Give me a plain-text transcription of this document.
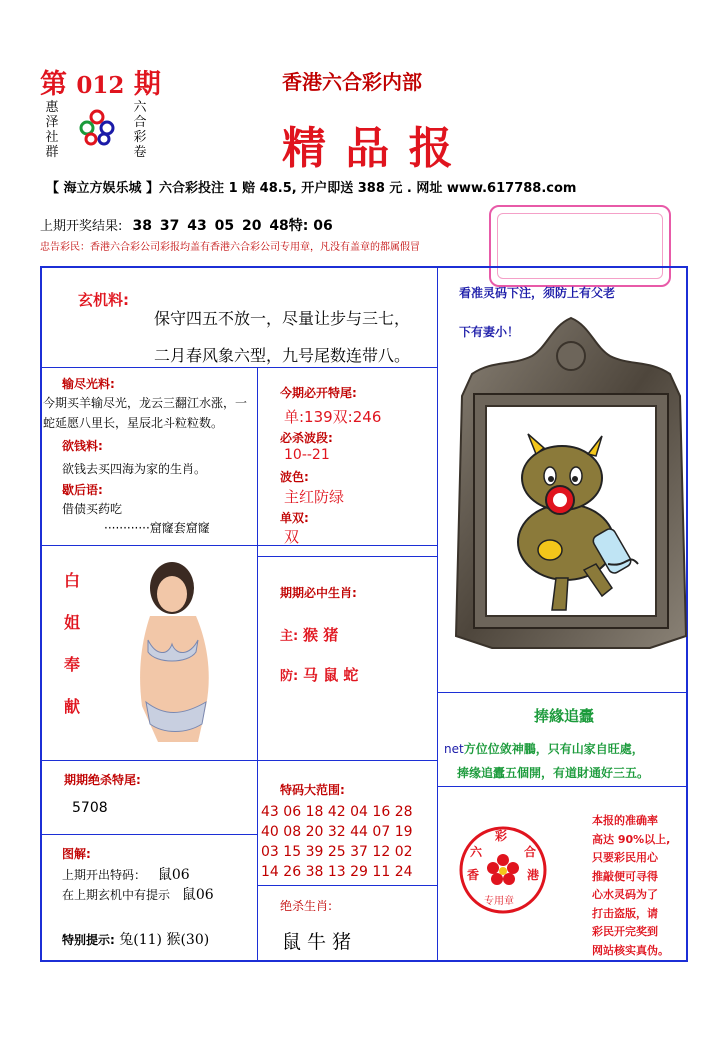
第 012 期
惠
泽
社
群
六
合
彩
卷
香港六合彩内部
精 品 报
【 海立方娱乐城 】六合彩投注 1 赔 48.5, 开户即送 388 元 . 网址 www.617788.com
上期开奖结果: 38 37 43 05 20 48特: 06
忠告彩民：香港六合彩公司彩报均盖有香港六合彩公司专用章，凡没有盖章的都属假冒
玄机料:
保守四五不放一，尽量让步与三七，
二月春风象六型，九号尾数连带八。
输尽光料:
今期买羊输尽光，龙云三翻江水涨，一蛇延愿八里长，星辰北斗粒粒数。
欲钱料:
欲钱去买四海为家的生肖。
歇后语:
借债买药吃
············窟窿套窟窿
今期必开特尾:
单:139双:246
必杀波段:
10--21
波色:
主红防绿
单双:
双
看准灵码下注，须防上有父老
下有妻小！
白
姐
奉
献
期期必中生肖:
主: 猴 猪
防: 马 鼠 蛇
捧緣追蠹
net方位位敛神鵬，只有山家自旺處，
捧缘追蠹五個開，有道財通好三五。
期期绝杀特尾:
5708
特码大范围:
43 06 18 42 04 16 28
40 08 20 32 44 07 19
03 15 39 25 37 12 02
14 26 38 13 29 11 24
图解:
上期开出特码： 鼠06
在上期玄机中有提示 鼠06
特别提示: 兔(11) 猴(30)
绝杀生肖:
鼠 牛 猪
彩
六	合
香	港
专用章
本报的准确率
高达 90%以上,
只要彩民用心
推敲便可寻得
心水灵码为了
打击盗版，请
彩民开完奖到
网站核实真伪。
